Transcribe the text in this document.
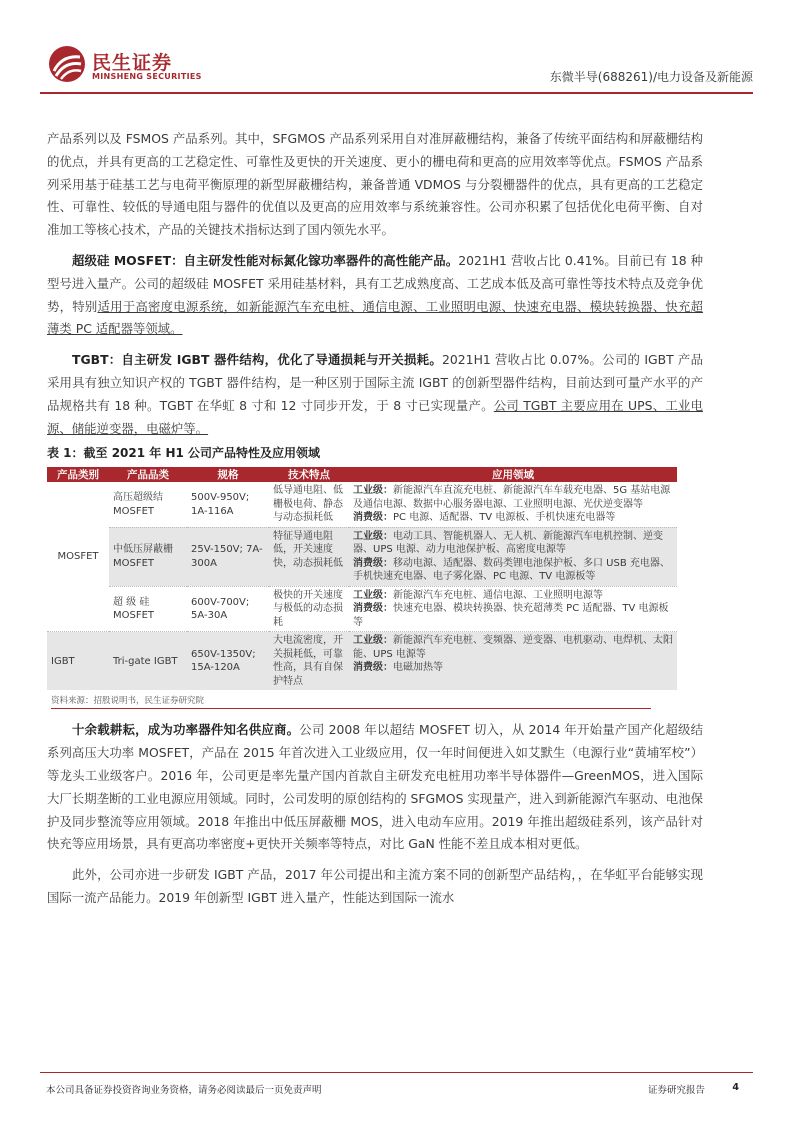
民生证券
MINSHENG SECURITIES	东微半导(688261)/电力设备及新能源

产品系列以及 FSMOS 产品系列。其中，SFGMOS 产品系列采用自对准屏蔽栅结构，兼备了传统平面结构和屏蔽栅结构的优点，并具有更高的工艺稳定性、可靠性及更快的开关速度、更小的栅电荷和更高的应用效率等优点。FSMOS 产品系列采用基于硅基工艺与电荷平衡原理的新型屏蔽栅结构，兼备普通 VDMOS 与分裂栅器件的优点，具有更高的工艺稳定性、可靠性、较低的导通电阻与器件的优值以及更高的应用效率与系统兼容性。公司亦积累了包括优化电荷平衡、自对准加工等核心技术，产品的关键技术指标达到了国内领先水平。

超级硅 MOSFET：自主研发性能对标氮化镓功率器件的高性能产品。2021H1 营收占比 0.41%。目前已有 18 种型号进入量产。公司的超级硅 MOSFET 采用硅基材料，具有工艺成熟度高、工艺成本低及高可靠性等技术特点及竞争优势，特别适用于高密度电源系统，如新能源汽车充电桩、通信电源、工业照明电源、快速充电器、模块转换器、快充超薄类 PC 适配器等领域。

TGBT：自主研发 IGBT 器件结构，优化了导通损耗与开关损耗。2021H1 营收占比 0.07%。公司的 IGBT 产品采用具有独立知识产权的 TGBT 器件结构，是一种区别于国际主流 IGBT 的创新型器件结构，目前达到可量产水平的产品规格共有 18 种。TGBT 在华虹 8 寸和 12 寸同步开发，于 8 寸已实现量产。公司 TGBT 主要应用在 UPS、工业电源、储能逆变器，电磁炉等。

表 1：截至 2021 年 H1 公司产品特性及应用领域
产品类别	产品品类	规格	技术特点	应用领域
MOSFET	高压超级结 MOSFET	500V-950V; 1A-116A	低导通电阻、低栅极电荷、静态与动态损耗低	工业级：新能源汽车直流充电桩、新能源汽车车载充电器、5G 基站电源及通信电源、数据中心服务器电源、工业照明电源、光伏逆变器等
消费级：PC 电源、适配器、TV 电源板、手机快速充电器等
	中低压屏蔽栅 MOSFET	25V-150V; 7A-300A	特征导通电阻低，开关速度快，动态损耗低	工业级：电动工具、智能机器人、无人机、新能源汽车电机控制、逆变器、UPS 电源、动力电池保护板、高密度电源等
消费级：移动电源、适配器、数码类锂电池保护板、多口 USB 充电器、手机快速充电器、电子雾化器、PC 电源、TV 电源板等
	超 级 硅 MOSFET	600V-700V; 5A-30A	极快的开关速度与极低的动态损耗	工业级：新能源汽车充电桩、通信电源、工业照明电源等
消费级：快速充电器、模块转换器、快充超薄类 PC 适配器、TV 电源板等
IGBT	Tri-gate IGBT	650V-1350V; 15A-120A	大电流密度，开关损耗低，可靠性高，具有自保护特点	工业级：新能源汽车充电桩、变频器、逆变器、电机驱动、电焊机、太阳能、UPS 电源等
消费级：电磁加热等
资料来源：招股说明书，民生证券研究院

十余载耕耘，成为功率器件知名供应商。公司 2008 年以超结 MOSFET 切入，从 2014 年开始量产国产化超级结系列高压大功率 MOSFET，产品在 2015 年首次进入工业级应用，仅一年时间便进入如艾默生（电源行业“黄埔军校”）等龙头工业级客户。2016 年，公司更是率先量产国内首款自主研发充电桩用功率半导体器件—GreenMOS，进入国际大厂长期垄断的工业电源应用领域。同时，公司发明的原创结构的 SFGMOS 实现量产，进入到新能源汽车驱动、电池保护及同步整流等应用领域。2018 年推出中低压屏蔽栅 MOS，进入电动车应用。2019 年推出超级硅系列，该产品针对快充等应用场景，具有更高功率密度+更快开关频率等特点，对比 GaN 性能不差且成本相对更低。

此外，公司亦进一步研发 IGBT 产品，2017 年公司提出和主流方案不同的创新型产品结构，，在华虹平台能够实现国际一流产品能力。2019 年创新型 IGBT 进入量产，性能达到国际一流水

本公司具备证券投资咨询业务资格，请务必阅读最后一页免责声明	证券研究报告	4
